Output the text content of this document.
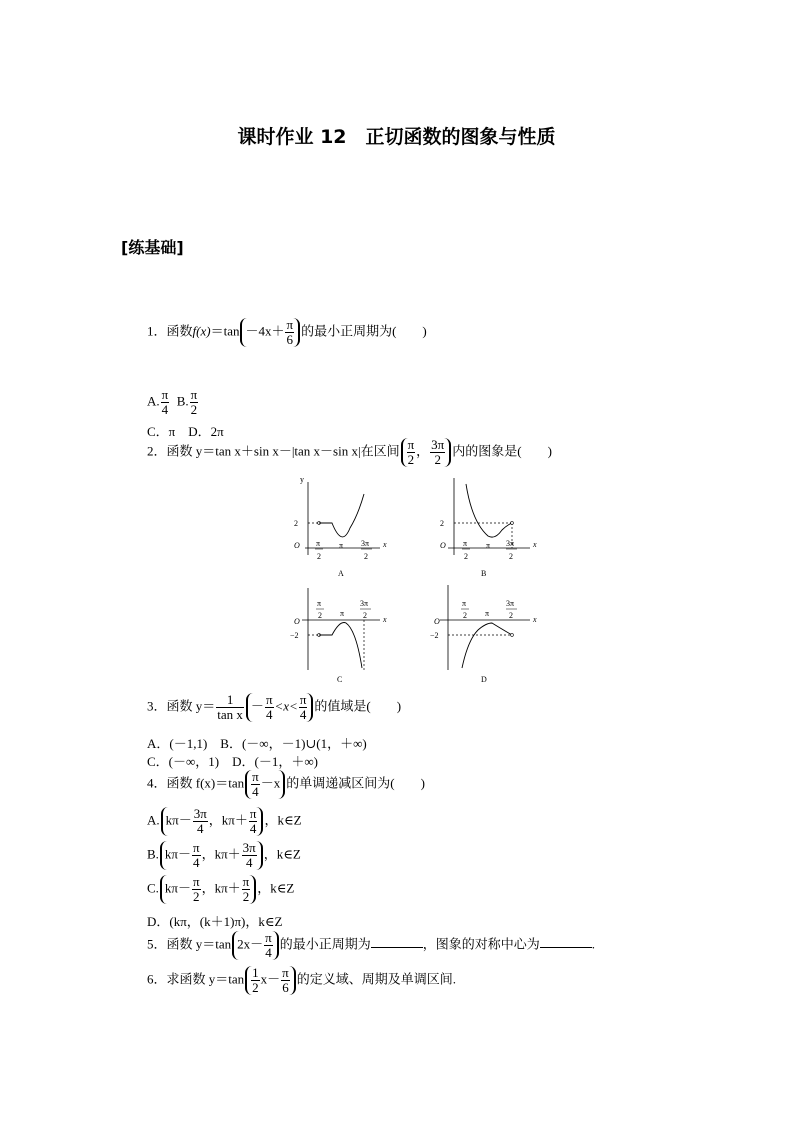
课时作业 12　正切函数的图象与性质
[练基础]
1．函数$f(x)=\tan -4x+ \frac{\pi}{6}$ 的最小正周期为(　　)
A. $\frac{\pi}{4} B$. $\frac{\pi}{2}$
C．π　D．2π
2．函数 y＝tan x＋sin x－|tan x－sin x|在区间 $\frac{\pi}{2}$ ， $\frac{3\pi}{2}$ 内的图象是(　　)
y
2
O π
2
π 3π
2
x
A
2
O π
2
π 3π
2
x
B
O
−2
π
2 π
3π
2 x
C
O
−2
π
2 π
3π
2	x
D
3．函数 $y= \frac{1}{\text{tan x}} - \frac{\pi}{4} <x< \frac{\pi}{4}$ 的值域是(　　)
A．(－1,1)　B．(－∞，－1)∪(1，＋∞)
C．(－∞，1)　D．(－1，＋∞)
4．函数 $f(x)=\tan \frac{\pi}{4} -x$ 的单调递减区间为(　　)
A. $k\pi- \frac{3\pi}{4}$ ，$k\pi+ \frac{\pi}{4}$ ，k∈Z
B. $k\pi- \frac{\pi}{4}$ ，$k\pi+ \frac{3\pi}{4}$ ，k∈Z
C. $k\pi- \frac{\pi}{2}$ ，$k\pi+ \frac{\pi}{2}$ ，k∈Z
D．(kπ，(k＋1)π)，k∈Z
5．函数 y＝tan $2x- \frac{\pi}{4}$ 的最小正周期为	，图象的对称中心为	.
6．求函数 $y=\tan \frac{1}{2} x- \frac{\pi}{6}$ 的定义域、周期及单调区间.
